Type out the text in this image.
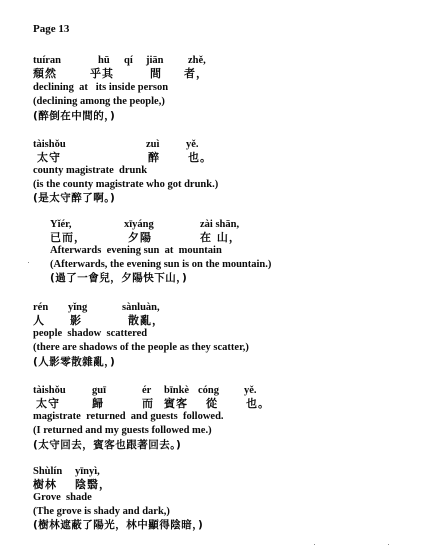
Page 13
tuíran	hū qí jiān zhě,
頹然	乎其	間 者，
declining  at   its inside person
(declining among the people,)
(醉倒在中間的，)
tàishǒu	zuì	yě.
太守	醉	也。
county magistrate  drunk
(is the county magistrate who got drunk.)
(是太守醉了啊。)
Yǐér,	xīyáng	zài shān,
已而，	夕陽	在 山，
Afterwards  evening sun  at  mountain
(Afterwards, the evening sun is on the mountain.)
(過了一會兒，夕陽快下山，)
rén yǐng	sànluàn,
人 影	散亂，
people  shadow  scattered
(there are shadows of the people as they scatter,)
(人影零散雜亂，)
tàishǒu	guī	ér bīnkè cóng yě.
太守	歸	而 賓客 從	也。
magistrate  returned  and guests  followed.
(I returned and my guests followed me.)
(太守回去，賓客也跟著回去。)
Shùlín yīnyì,
樹林 陰翳，
Grove  shade
(The grove is shady and dark,)
(樹林遮蔽了陽光，林中顯得陰暗，)
